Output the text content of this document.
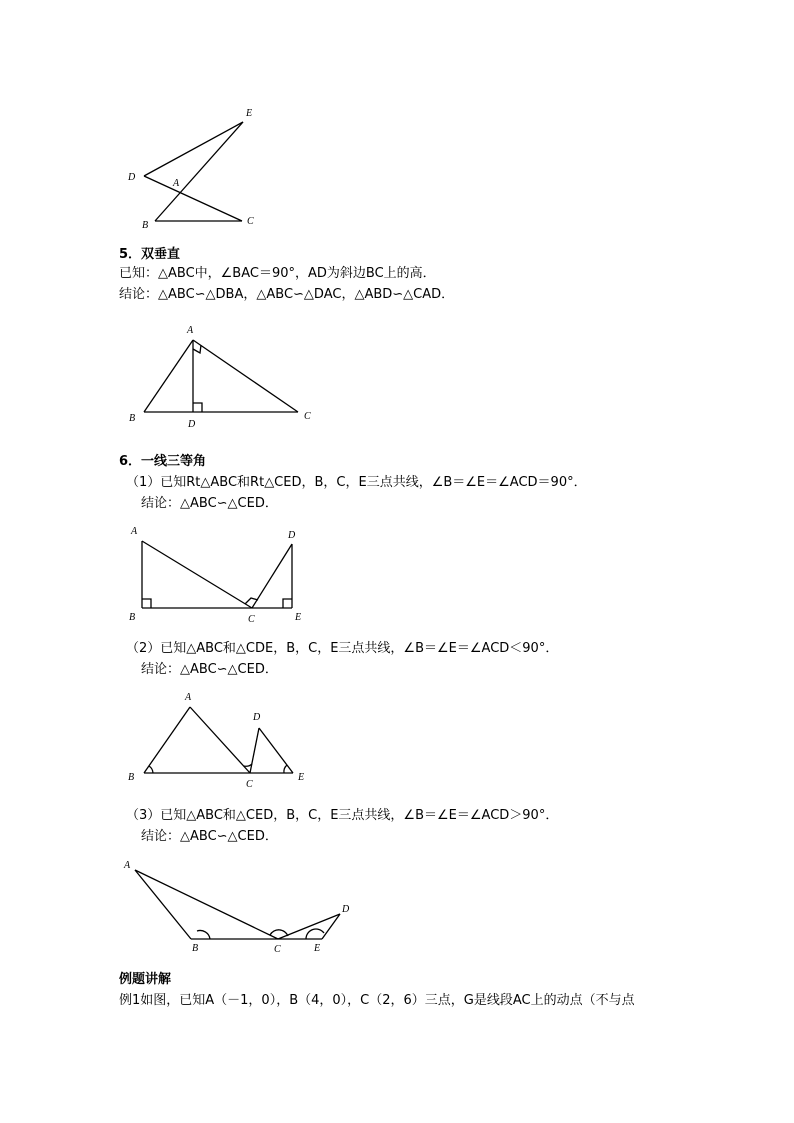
E
D
A
B	C
5．双垂直
已知：△ABC中，∠BAC＝90°，AD为斜边BC上的高．
结论：△ABC∽△DBA，△ABC∽△DAC，△ABD∽△CAD．
A
B	C
D
6．一线三等角
（1）已知Rt△ABC和Rt△CED，B，C，E三点共线，∠B＝∠E＝∠ACD＝90°．
结论：△ABC∽△CED．
A
B	C
D
E
（2）已知△ABC和△CDE，B，C，E三点共线，∠B＝∠E＝∠ACD＜90°．
结论：△ABC∽△CED．
A
B
C
D
E
（3）已知△ABC和△CED，B，C，E三点共线，∠B＝∠E＝∠ACD＞90°．
结论：△ABC∽△CED．
A
B	C
D
E
例题讲解
例1如图，已知A（－1，0），B（4，0），C（2，6）三点，G是线段AC上的动点（不与点
